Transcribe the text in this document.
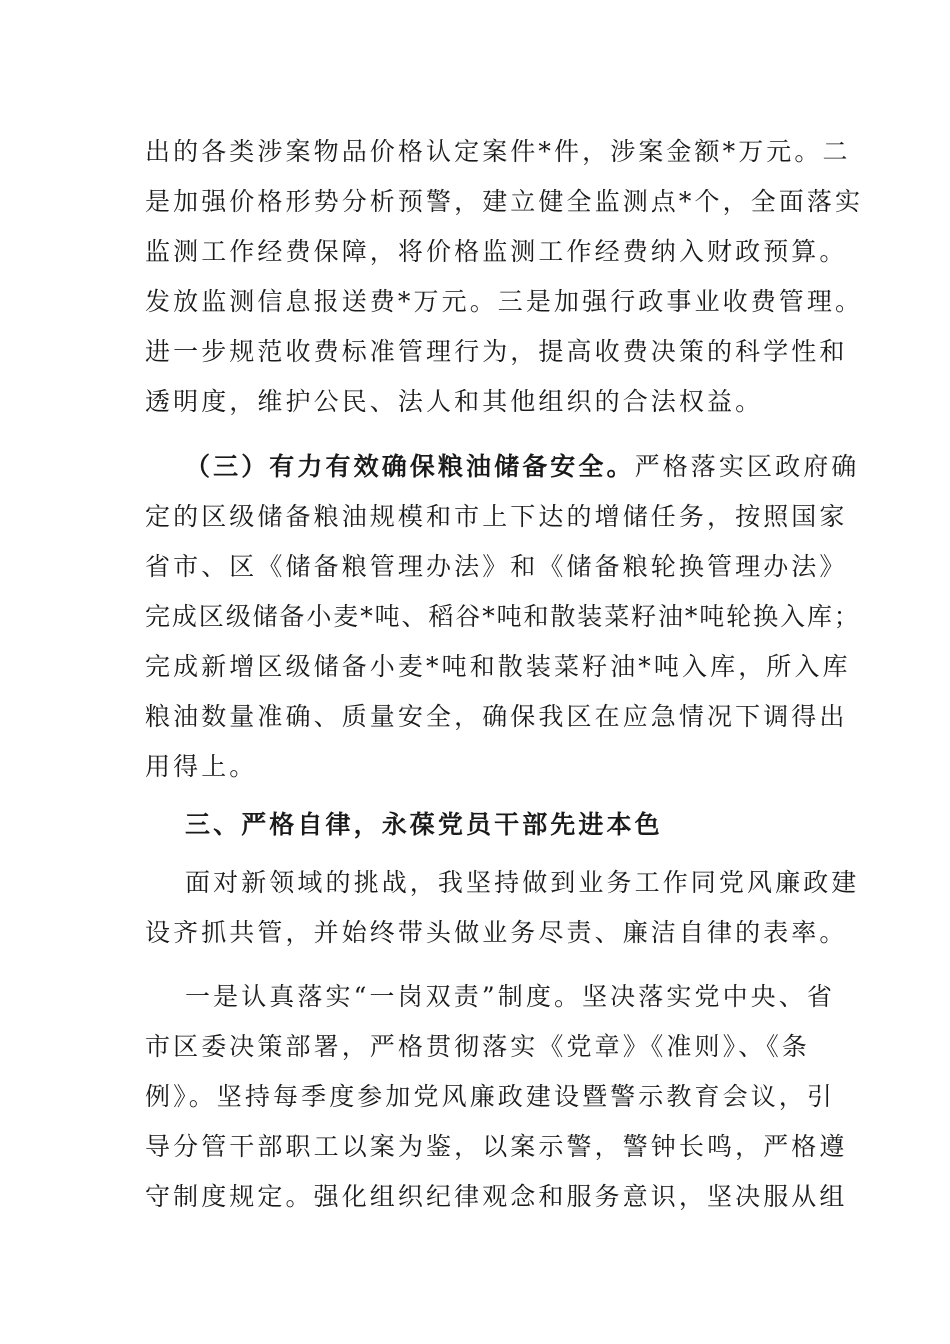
出的各类涉案物品价格认定案件*件，涉案金额*万元。二
是加强价格形势分析预警，建立健全监测点*个，全面落实
监测工作经费保障，将价格监测工作经费纳入财政预算。
发放监测信息报送费*万元。三是加强行政事业收费管理。
进一步规范收费标准管理行为，提高收费决策的科学性和
透明度，维护公民、法人和其他组织的合法权益。
（三）有力有效确保粮油储备安全。严格落实区政府确
定的区级储备粮油规模和市上下达的增储任务，按照国家
省市、区《储备粮管理办法》和《储备粮轮换管理办法》
完成区级储备小麦*吨、稻谷*吨和散装菜籽油*吨轮换入库；
完成新增区级储备小麦*吨和散装菜籽油*吨入库，所入库
粮油数量准确、质量安全，确保我区在应急情况下调得出
用得上。
三、严格自律，永葆党员干部先进本色
面对新领域的挑战，我坚持做到业务工作同党风廉政建
设齐抓共管，并始终带头做业务尽责、廉洁自律的表率。
一是认真落实“一岗双责”制度。坚决落实党中央、省
市区委决策部署，严格贯彻落实《党章》《准则》、《条
例》。坚持每季度参加党风廉政建设暨警示教育会议，引
导分管干部职工以案为鉴，以案示警，警钟长鸣，严格遵
守制度规定。强化组织纪律观念和服务意识，坚决服从组
